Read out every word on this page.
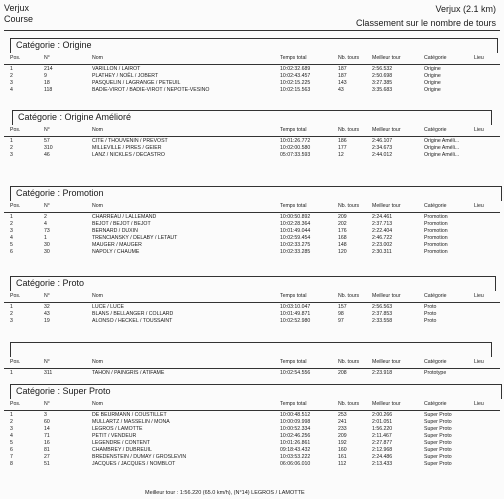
Verjux
Course
Verjux (2.1 km)
Classement sur le nombre de tours
Catégorie : Origine
Pos.	N°	Nom	Temps total	Nb. tours Meilleur tour	Catégorie	Lieu
1	214	VARILLON / LAIROT	10:02:32.689	187	2:56.532	Origine
2	9	PLATHEY / NOËL / JOBERT	10:02:43.457	187	2:50.698	Origine
3	18	PASQUELIN / LAGRANGE / PETEUIL	10:02:15.225	143	3:27.385	Origine
4	118	BADIE-VIROT / BADIE-VIROT / NEPOTE-VESINO	10:02:15.563	43	3:35.683	Origine
Catégorie : Origine Amélioré
Pos.	N°	Nom	Temps total	Nb. tours Meilleur tour	Catégorie	Lieu
1	57	CITE / THOUVENIN / PREVOST	10:01:26.772	186	2:46.107	Origine Améli...
2	310	MILLEVILLE / PIRES / GEIER	10:02:00.580	177	2:34.673	Origine Améli...
3	46	LANZ / NICKLES / DECASTRO	05:07:33.593	12	2:44.012	Origine Améli...
Catégorie : Promotion
Pos.	N°	Nom	Temps total	Nb. tours Meilleur tour	Catégorie	Lieu
1	2	CHARREAU / LALLEMAND	10:00:50.892	209	2:24.461	Promotion
2	4	BEJOT / BEJOT / BEJOT	10:02:28.364	202	2:37.713	Promotion
3	73	BERNARD / DUXIN	10:01:49.044	176	2:22.404	Promotion
4	1	TRENCIANSKY / DELABY / LETAUT	10:02:59.454	168	2:46.722	Promotion
5	30	MAUGER / MAUGER	10:02:33.275	148	2:23.002	Promotion
6	30	NAPOLY / CHAUME	10:02:33.285	120	2:30.311	Promotion
Catégorie : Proto
Pos.	N°	Nom	Temps total	Nb. tours Meilleur tour	Catégorie	Lieu
1	32	LUCE / LUCE	10:03:10.047	157	2:56.563	Proto
2	43	BLANS / BELLANGER / COLLARD	10:01:49.871	98	2:37.853	Proto
3	19	ALONSO / HECKEL / TOUSSAINT	10:02:52.980	97	2:33.558	Proto
Pos.	N°	Nom	Temps total	Nb. tours Meilleur tour	Catégorie	Lieu
1	311	TAHON / PAINGRIS / ATIFAME	10:02:54.556	208	2:23.918	Prototype
Catégorie : Super Proto
Pos.	N°	Nom	Temps total	Nb. tours Meilleur tour	Catégorie	Lieu
1	3	DE BEURMANN / COUSTILLET	10:00:48.512	253	2:00.266	Super Proto
2	60	MULLARTZ / MASSELIN / MONA	10:00:09.998	241	2:01.051	Super Proto
3	14	LEGROS / LAMOTTE	10:00:52.334	233	1:56.220	Super Proto
4	71	PETIT / VENDEUR	10:02:46.256	209	2:11.467	Super Proto
5	16	LEGENDRE / CONTENT	10:01:26.861	192	2:27.877	Super Proto
6	81	CHAMBREY / DUBREUIL	09:18:43.432	160	2:12.968	Super Proto
7	27	BREDENSTEIN / DUMAY / GROSLEVIN	10:03:53.222	161	2:24.486	Super Proto
8	51	JACQUES / JACQUES / NOMBLOT	06:06:06.010	112	2:13.433	Super Proto
Meilleur tour : 1:56.220 (65.0 km/h), (N°14) LEGROS / LAMOTTE
